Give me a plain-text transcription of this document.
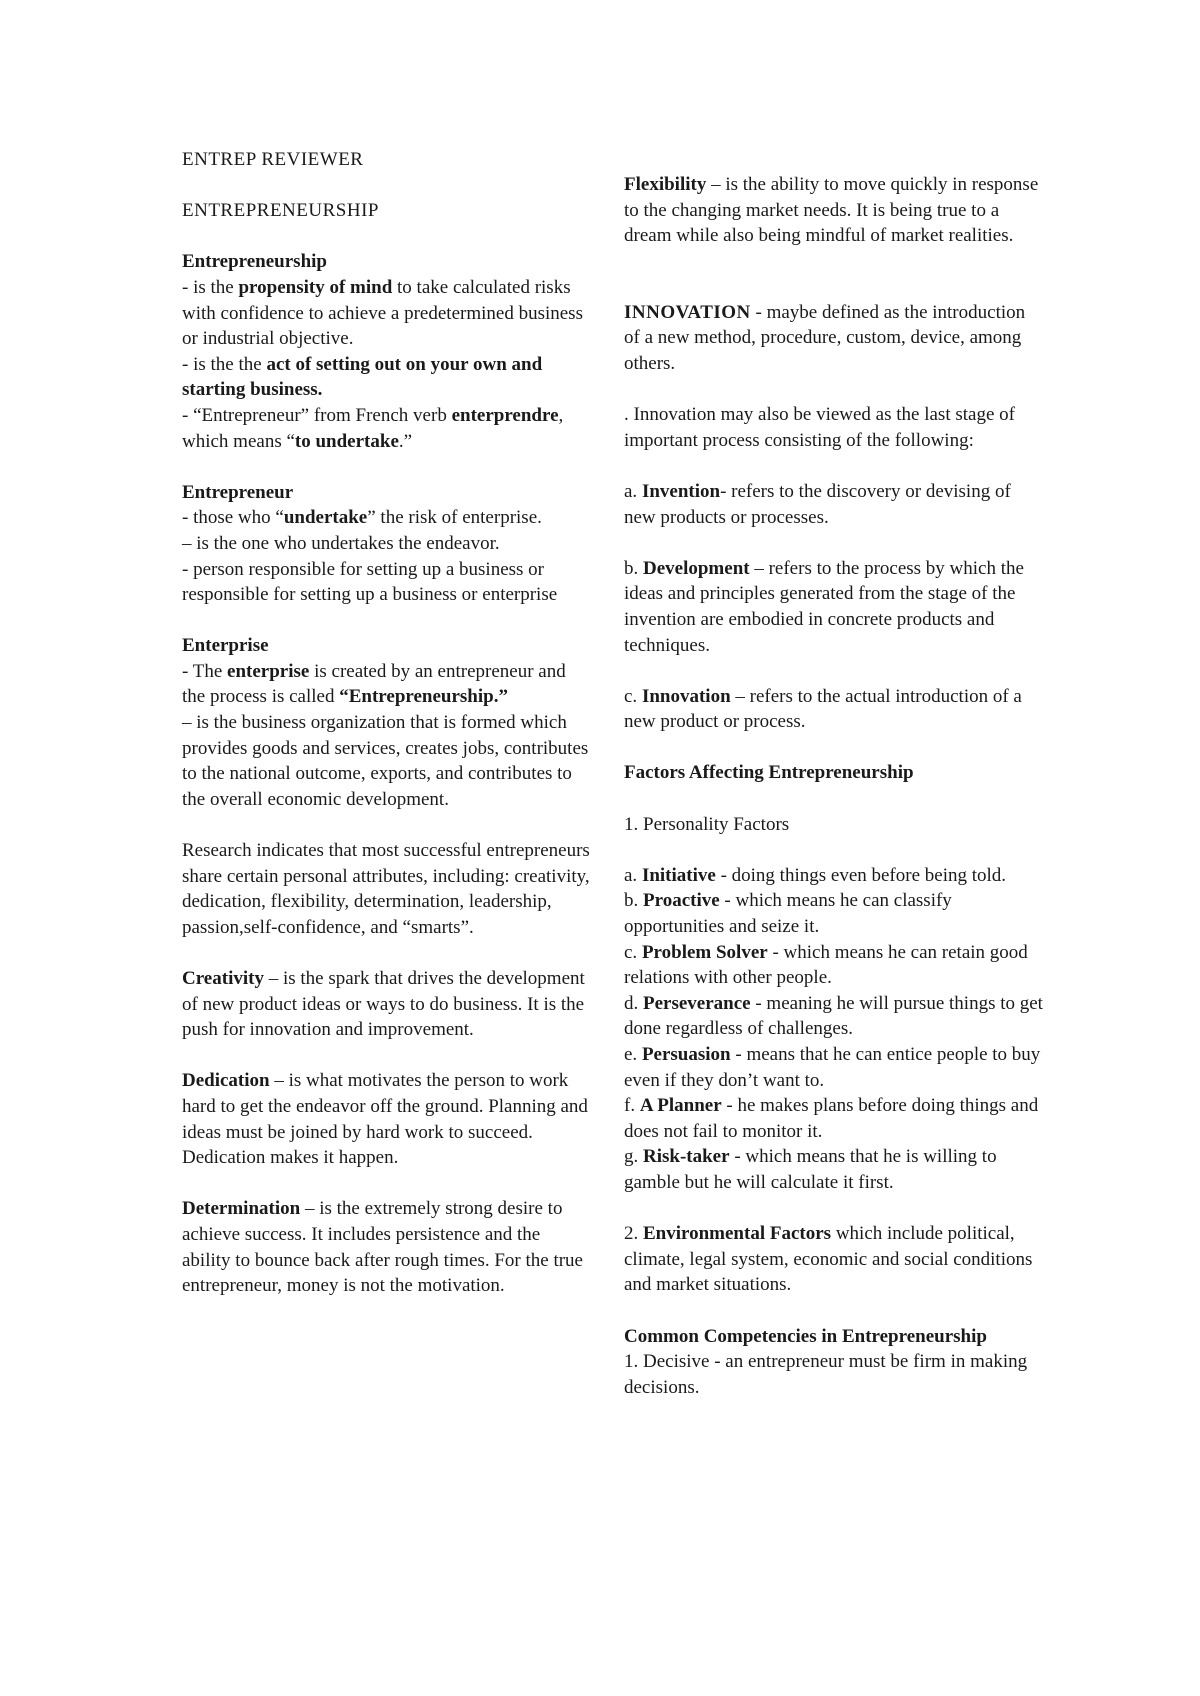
ENTREP REVIEWER
ENTREPRENEURSHIP
Entrepreneurship
- is the propensity of mind to take calculated risks with confidence to achieve a predetermined business or industrial objective.
- is the the act of setting out on your own and starting business.
- “Entrepreneur” from French verb enterprendre, which means “to undertake.”
Entrepreneur
- those who “undertake” the risk of enterprise.
– is the one who undertakes the endeavor.
- person responsible for setting up a business or responsible for setting up a business or enterprise
Enterprise
- The enterprise is created by an entrepreneur and the process is called “Entrepreneurship.”
– is the business organization that is formed which provides goods and services, creates jobs, contributes to the national outcome, exports, and contributes to the overall economic development.
Research indicates that most successful entrepreneurs share certain personal attributes, including: creativity, dedication, flexibility, determination, leadership, passion,self-confidence, and “smarts”.
Creativity – is the spark that drives the development of new product ideas or ways to do business. It is the push for innovation and improvement.
Dedication – is what motivates the person to work hard to get the endeavor off the ground. Planning and ideas must be joined by hard work to succeed. Dedication makes it happen.
Determination – is the extremely strong desire to achieve success. It includes persistence and the ability to bounce back after rough times. For the true entrepreneur, money is not the motivation.
Flexibility – is the ability to move quickly in response to the changing market needs. It is being true to a dream while also being mindful of market realities.
INNOVATION - maybe defined as the introduction of a new method, procedure, custom, device, among others.
. Innovation may also be viewed as the last stage of important process consisting of the following:
a. Invention- refers to the discovery or devising of new products or processes.
b. Development – refers to the process by which the ideas and principles generated from the stage of the invention are embodied in concrete products and techniques.
c. Innovation – refers to the actual introduction of a new product or process.
Factors Affecting Entrepreneurship
1. Personality Factors
a. Initiative - doing things even before being told.
b. Proactive - which means he can classify opportunities and seize it.
c. Problem Solver - which means he can retain good relations with other people.
d. Perseverance - meaning he will pursue things to get done regardless of challenges.
e. Persuasion - means that he can entice people to buy even if they don’t want to.
f. A Planner - he makes plans before doing things and does not fail to monitor it.
g. Risk-taker - which means that he is willing to gamble but he will calculate it first.
2. Environmental Factors which include political, climate, legal system, economic and social conditions and market situations.
Common Competencies in Entrepreneurship
1. Decisive - an entrepreneur must be firm in making decisions.
